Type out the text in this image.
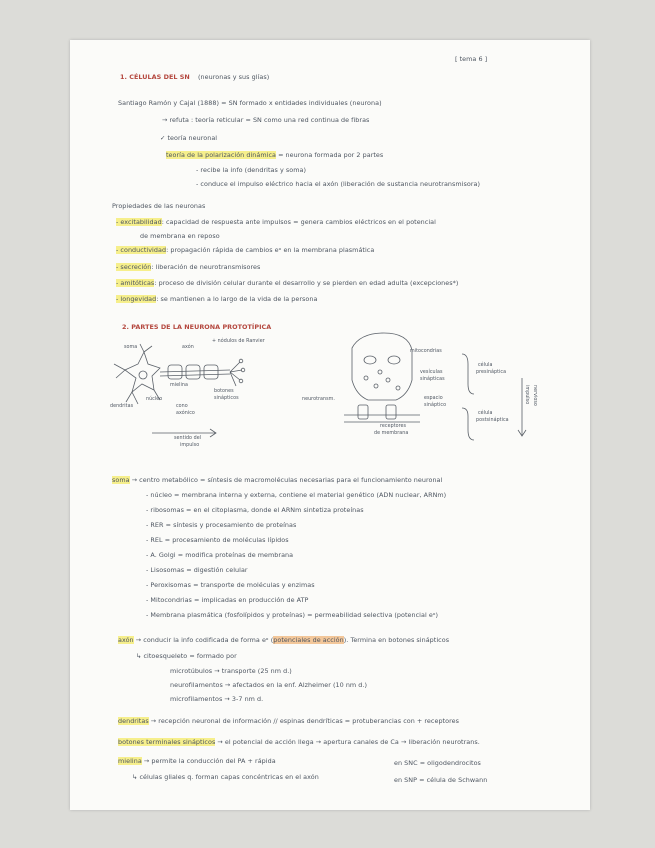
[ tema 6 ]
1. CÉLULAS DEL SN (neuronas y sus glías)
Santiago Ramón y Cajal (1888) = SN formado x entidades individuales (neurona)
→ refuta : teoría reticular = SN como una red continua de fibras
✓ teoría neuronal
teoría de la polarización dinámica = neurona formada por 2 partes
- recibe la info (dendritas y soma)
- conduce el impulso eléctrico hacia el axón (liberación de sustancia neurotransmisora)
Propiedades de las neuronas
- excitabilidad: capacidad de respuesta ante impulsos = genera cambios eléctricos en el potencial
de membrana en reposo
- conductividad: propagación rápida de cambios eᵒ en la membrana plasmática
- secreción: liberación de neurotransmisores
- amitóticas: proceso de división celular durante el desarrollo y se pierden en edad adulta (excepciones*)
- longevidad: se mantienen a lo largo de la vida de la persona
2. PARTES DE LA NEURONA PROTOTÍPICA
+ nódulos de Ranvier
soma	axón
mielina
botones
sinápticos
núcleo
dendritas	cono
axónico
sentido del
impulso
mitocondrias
vesículas
sinápticas
neurotransm.	espacio
sináptico
receptores
de membrana
célula
presináptica
célula
postsináptica
impulso nervioso
soma → centro metabólico = síntesis de macromoléculas necesarias para el funcionamiento neuronal
- núcleo = membrana interna y externa, contiene el material genético (ADN nuclear, ARNm)
- ribosomas = en el citoplasma, donde el ARNm sintetiza proteínas
- RER = síntesis y procesamiento de proteínas
- REL = procesamiento de moléculas lípidos
- A. Golgi = modifica proteínas de membrana
- Lisosomas = digestión celular
- Peroxisomas = transporte de moléculas y enzimas
- Mitocondrias = implicadas en producción de ATP
- Membrana plasmática (fosfolípidos y proteínas) = permeabilidad selectiva (potencial eᵒ)
axón → conducir la info codificada de forma eᵒ (potenciales de acción). Termina en botones sinápticos
↳ citoesqueleto = formado por
microtúbulos → transporte (25 nm d.)
neurofilamentos → afectados en la enf. Alzheimer (10 nm d.)
microfilamentos → 3-7 nm d.
dendritas → recepción neuronal de información // espinas dendríticas = protuberancias con + receptores
botones terminales sinápticos → el potencial de acción llega → apertura canales de Ca → liberación neurotrans.
mielina → permite la conducción del PA + rápida
↳ células gliales q. forman capas concéntricas en el axón
en SNC = oligodendrocitos
en SNP = célula de Schwann
